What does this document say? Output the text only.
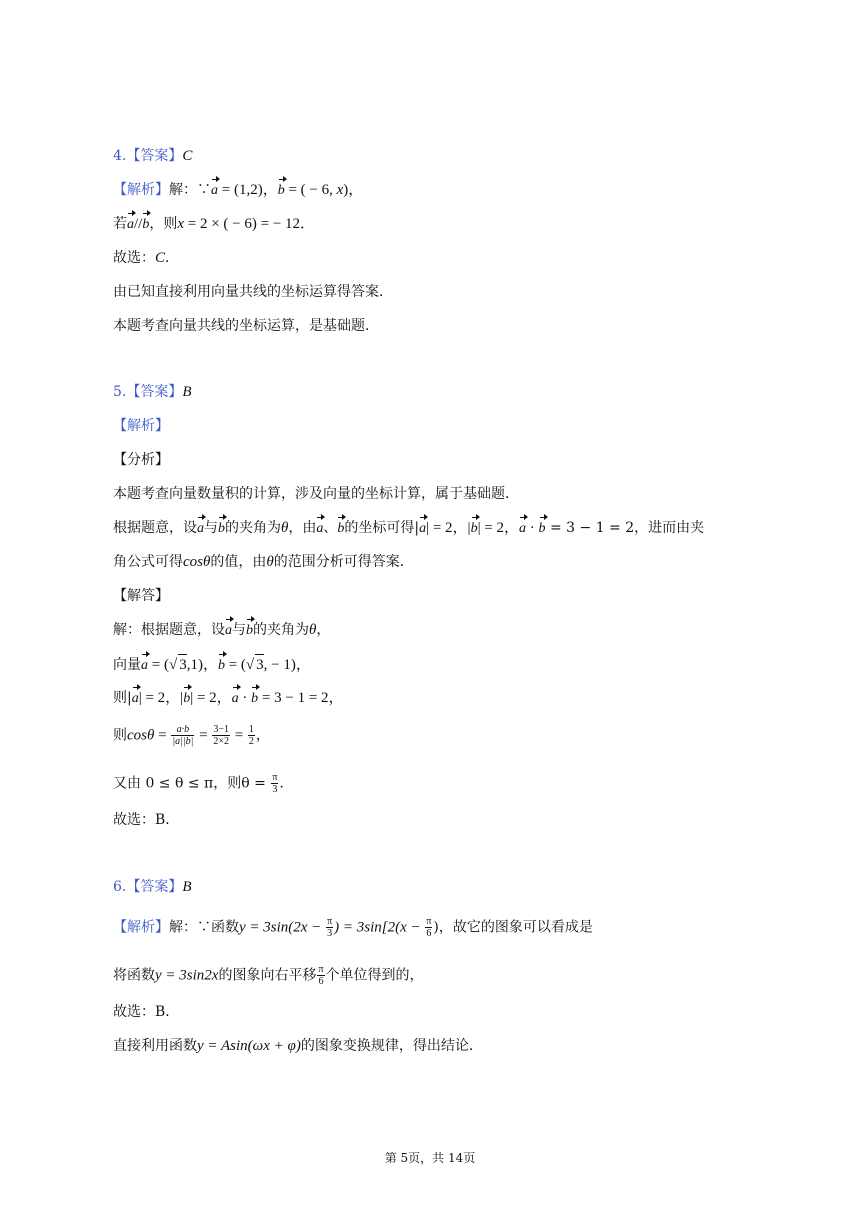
4.【答案】C
【解析】解：∵a = (1,2)，b = ( − 6, x)，
若a//b，则x = 2 × ( − 6) = − 12．
故选：C．
由已知直接利用向量共线的坐标运算得答案．
本题考查向量共线的坐标运算，是基础题．
5.【答案】B
【解析】
【分析】
本题考查向量数量积的计算，涉及向量的坐标计算，属于基础题．
根据题意，设a与b的夹角为θ，由a、b的坐标可得|a| = 2，|b| = 2，a · b = 3 − 1 = 2，进而由夹
角公式可得cosθ的值，由θ的范围分析可得答案．
【解答】
解：根据题意，设a与b的夹角为θ，
向量a = (√ 3,1)，b = (√ 3, − 1)，
则|a| = 2，|b| = 2，a · b = 3 − 1 = 2，
则$\cos\theta = \frac{a\cdot b}{|a||b|} = \frac{3-1}{2\times 2} = \frac{1}{2}$ ，
又由 0 ≤ θ ≤ π，则$\theta = \frac{\pi}{3}$ .
故选：B．
6.【答案】B
【解析】解：∵函数$y = 3\sin(2x - \frac{\pi}{3}$ ) = $3\sin[2(x - \frac{\pi}{6}$ )，故它的图象可以看成是
将函数y = 3sin2x的图象向右平移 $\frac{\pi}{6}$ 个单位得到的，
故选：B．
直接利用函数y = Asin(ωx + φ)的图象变换规律，得出结论．
第 5页，共 14页
